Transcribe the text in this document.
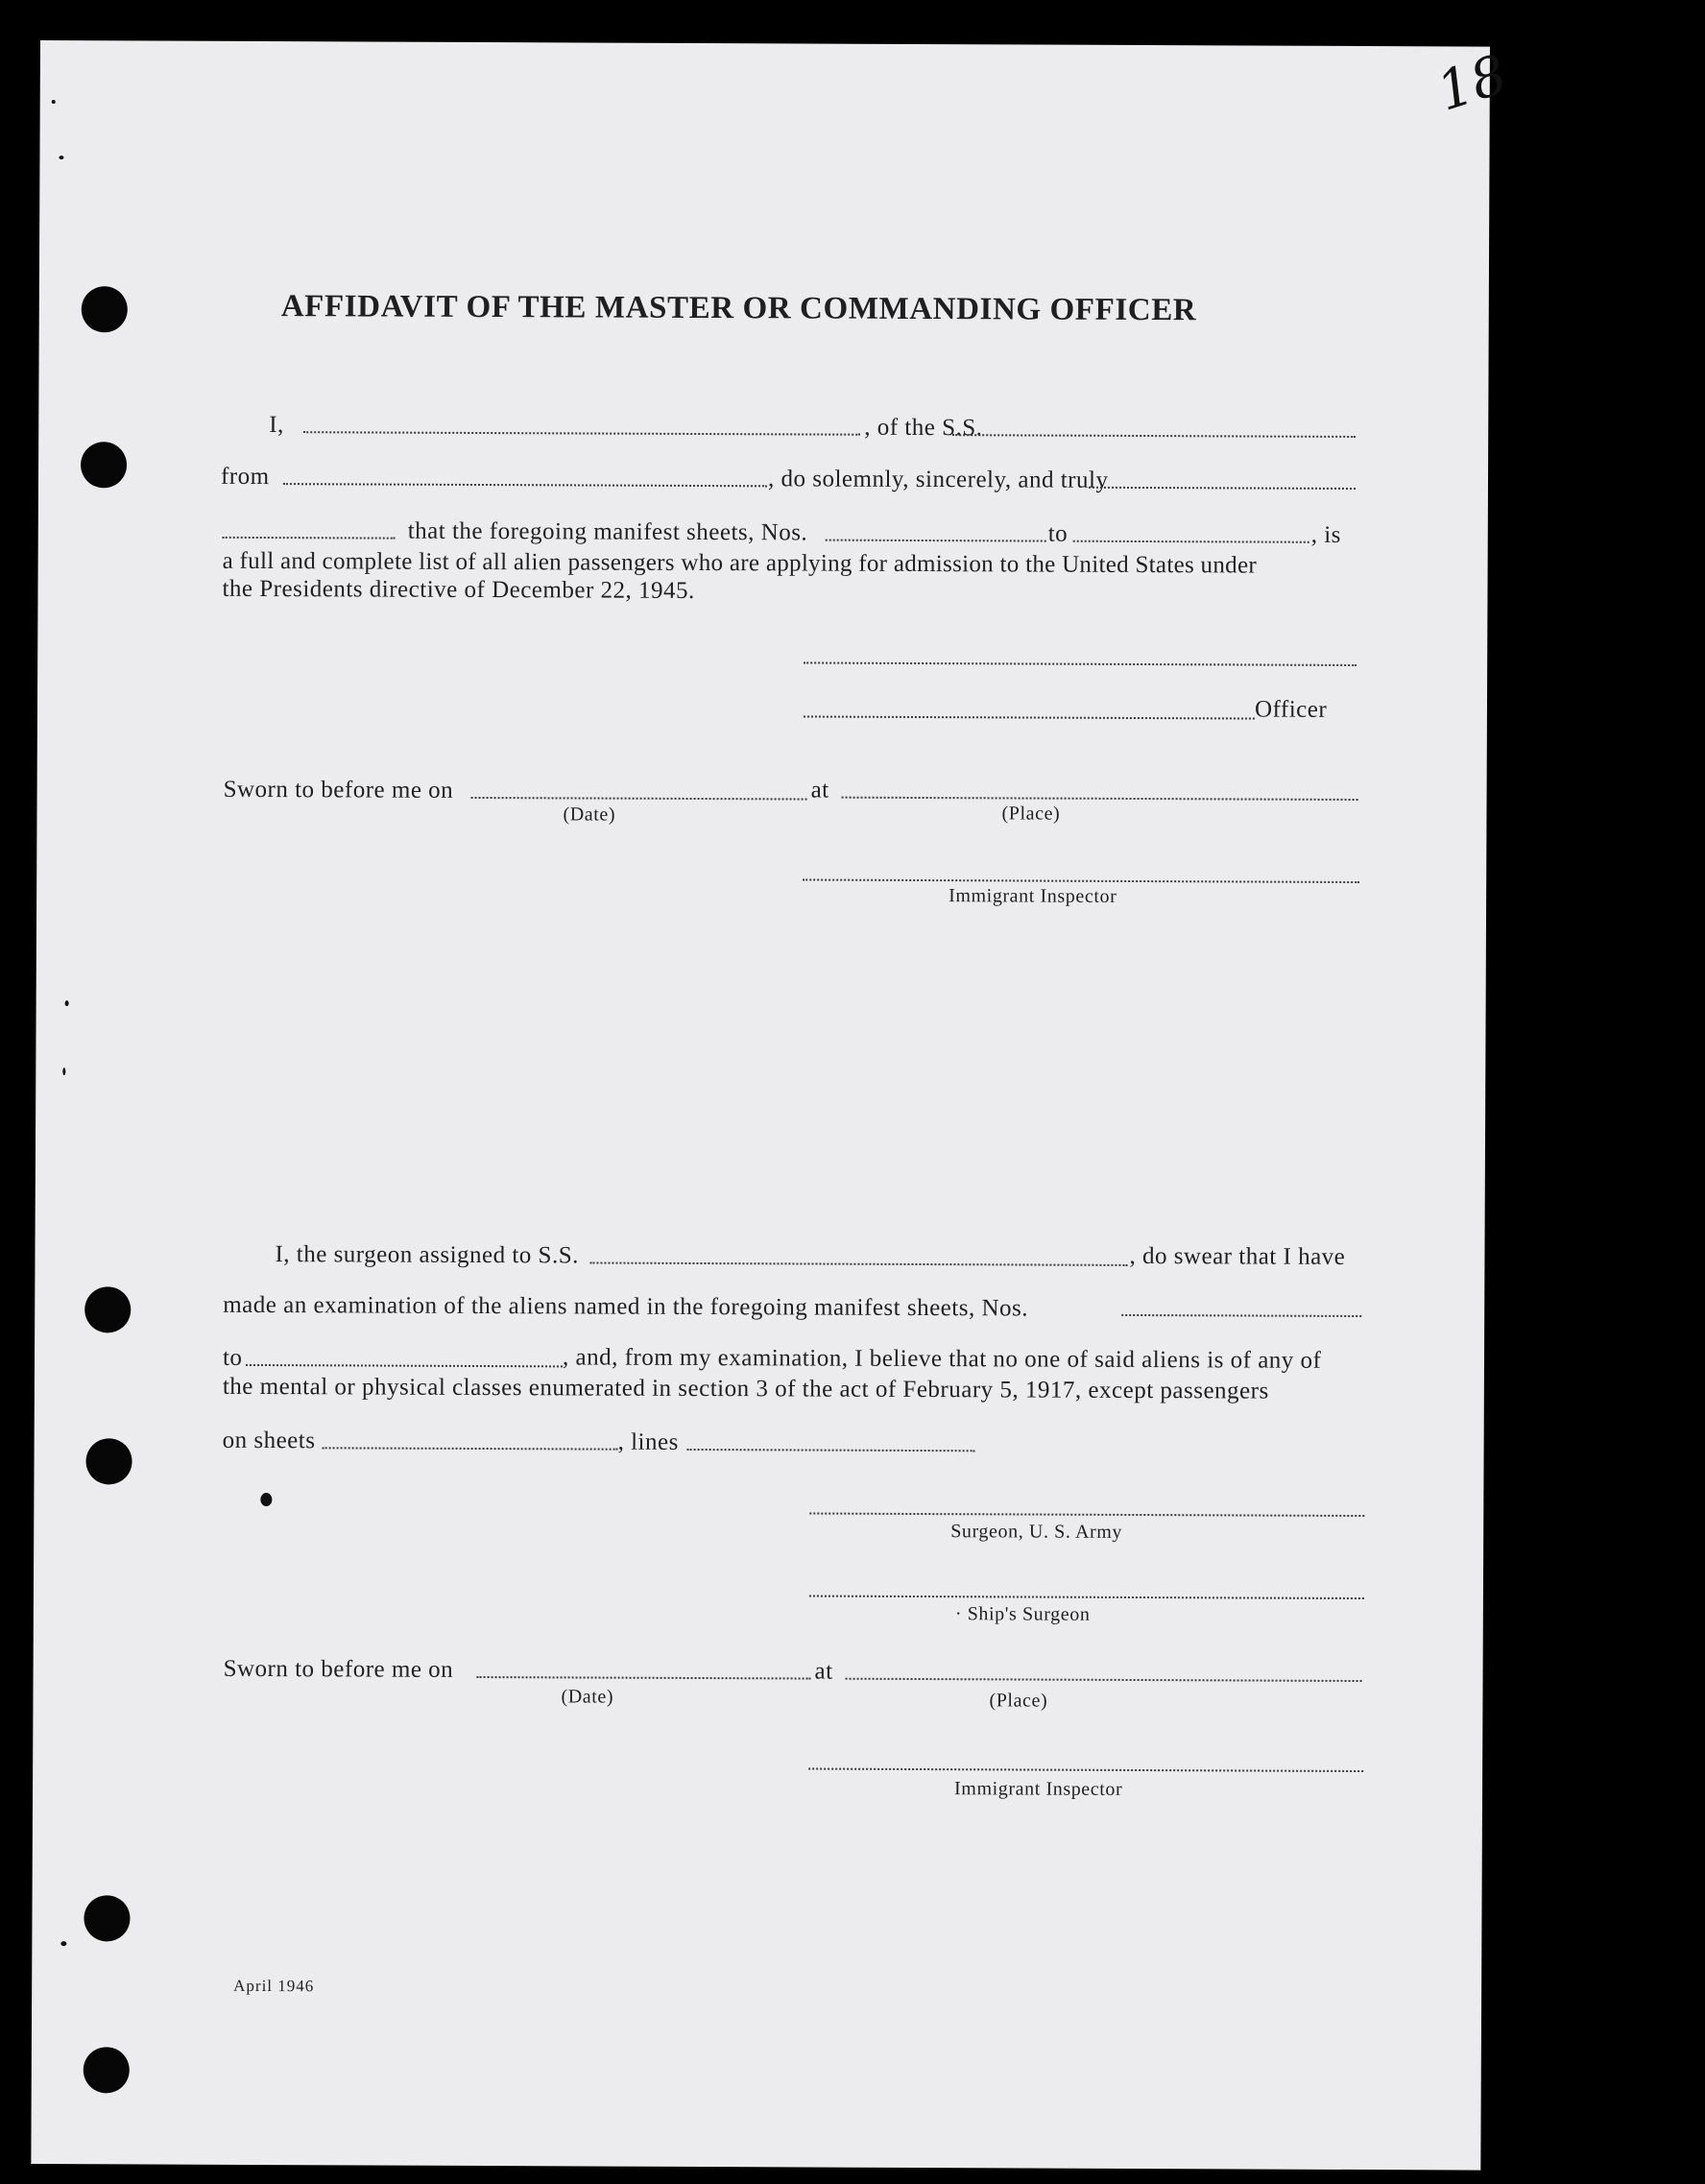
18
AFFIDAVIT OF THE MASTER OR COMMANDING OFFICER
I,	, of the S.S.
from	, do solemnly, sincerely, and truly
that the foregoing manifest sheets, Nos.	to	, is
a full and complete list of all alien passengers who are applying for admission to the United States under
the Presidents directive of December 22, 1945.
Officer
Sworn to before me on	at
(Date)	(Place)
Immigrant Inspector
I, the surgeon assigned to S.S.	, do swear that I have
made an examination of the aliens named in the foregoing manifest sheets, Nos.
to	, and, from my examination, I believe that no one of said aliens is of any of
the mental or physical classes enumerated in section 3 of the act of February 5, 1917, except passengers
on sheets	, lines
Surgeon, U. S. Army
· Ship's Surgeon
Sworn to before me on	at
(Date)	(Place)
Immigrant Inspector
April 1946
